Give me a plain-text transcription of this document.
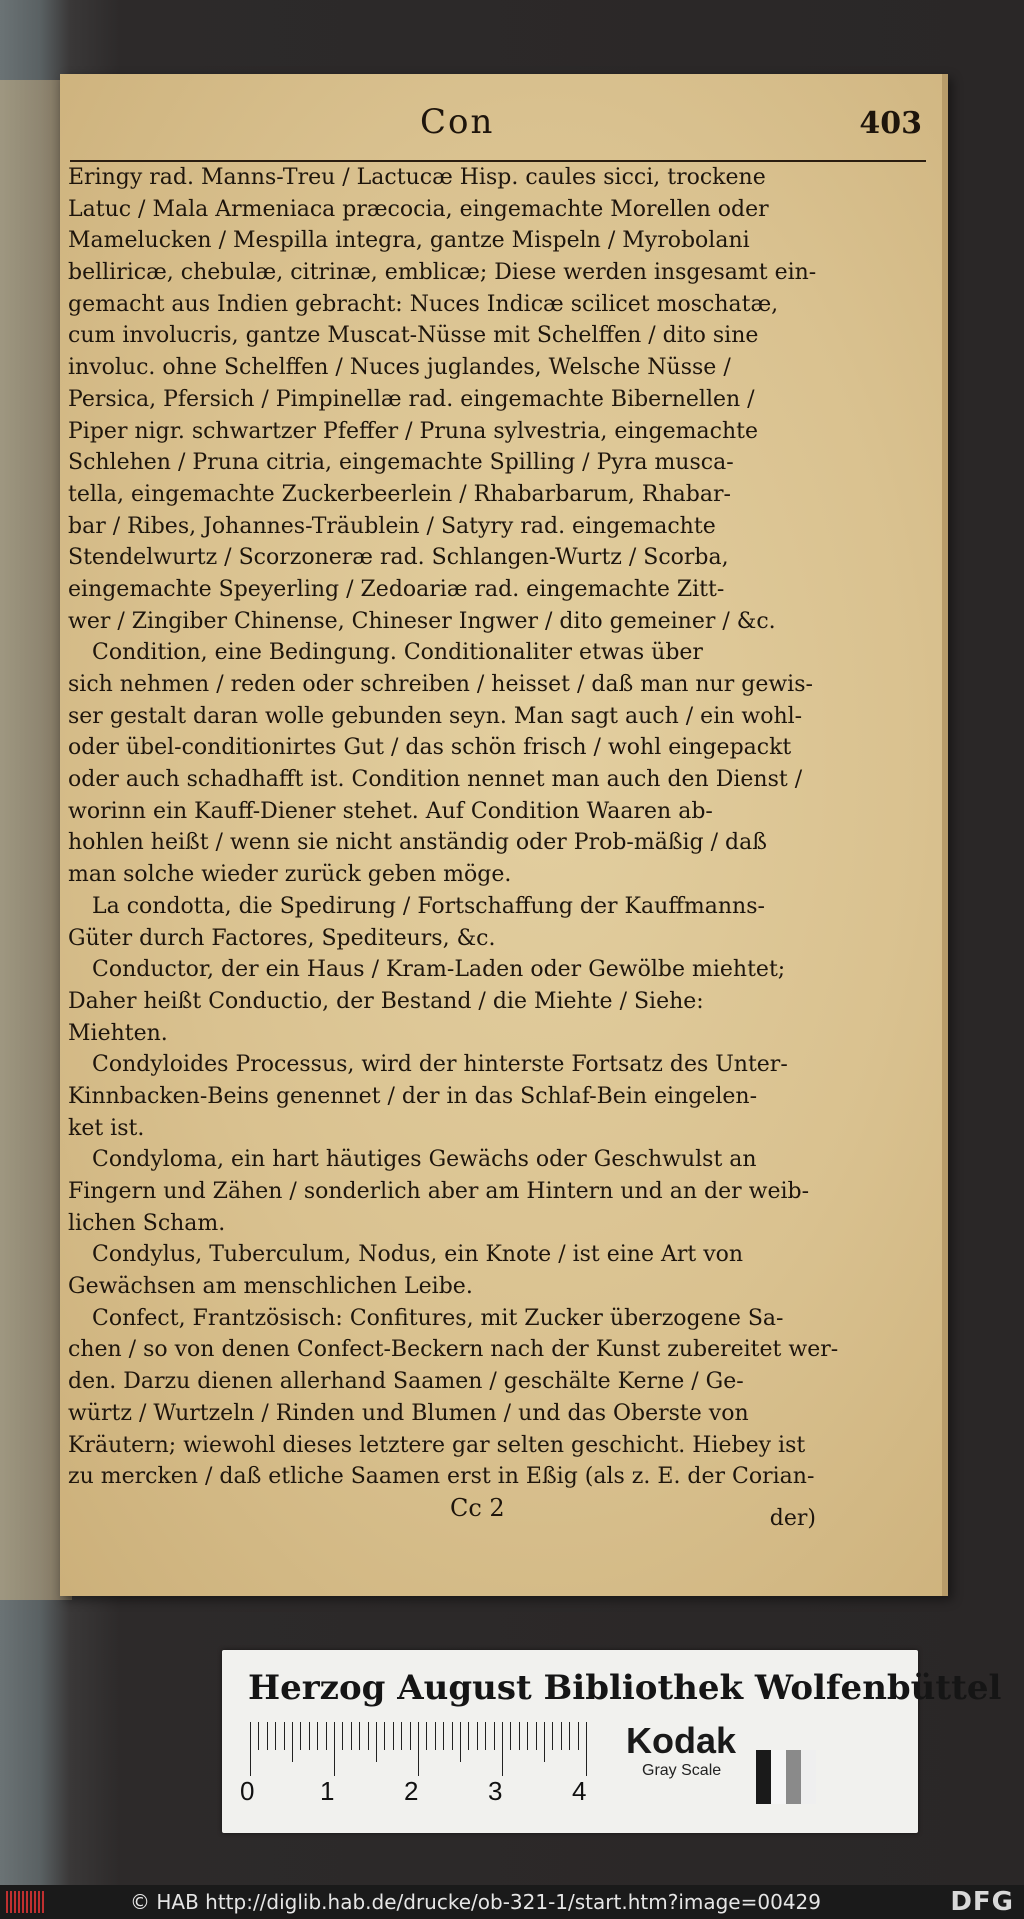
Con	403
Eringy rad. Manns-Treu / Lactucæ Hisp. caules sicci, trockene
Latuc / Mala Armeniaca præcocia, eingemachte Morellen oder
Mamelucken / Mespilla integra, gantze Mispeln / Myrobolani
belliricæ, chebulæ, citrinæ, emblicæ; Diese werden insgesamt ein-
gemacht aus Indien gebracht: Nuces Indicæ scilicet moschatæ,
cum involucris, gantze Muscat-Nüsse mit Schelffen / dito sine
involuc. ohne Schelffen / Nuces juglandes, Welsche Nüsse /
Persica, Pfersich / Pimpinellæ rad. eingemachte Bibernellen /
Piper nigr. schwartzer Pfeffer / Pruna sylvestria, eingemachte
Schlehen / Pruna citria, eingemachte Spilling / Pyra musca-
tella, eingemachte Zuckerbeerlein / Rhabarbarum, Rhabar-
bar / Ribes, Johannes-Träublein / Satyry rad. eingemachte
Stendelwurtz / Scorzoneræ rad. Schlangen-Wurtz / Scorba,
eingemachte Speyerling / Zedoariæ rad. eingemachte Zitt-
wer / Zingiber Chinense, Chineser Ingwer / dito gemeiner / &c.
Condition, eine Bedingung. Conditionaliter etwas über
sich nehmen / reden oder schreiben / heisset / daß man nur gewis-
ser gestalt daran wolle gebunden seyn. Man sagt auch / ein wohl-
oder übel-conditionirtes Gut / das schön frisch / wohl eingepackt
oder auch schadhafft ist. Condition nennet man auch den Dienst /
worinn ein Kauff-Diener stehet. Auf Condition Waaren ab-
hohlen heißt / wenn sie nicht anständig oder Prob-mäßig / daß
man solche wieder zurück geben möge.
La condotta, die Spedirung / Fortschaffung der Kauffmanns-
Güter durch Factores, Spediteurs, &c.
Conductor, der ein Haus / Kram-Laden oder Gewölbe miehtet;
Daher heißt Conductio, der Bestand / die Miehte / Siehe:
Miehten.
Condyloides Processus, wird der hinterste Fortsatz des Unter-
Kinnbacken-Beins genennet / der in das Schlaf-Bein eingelen-
ket ist.
Condyloma, ein hart häutiges Gewächs oder Geschwulst an
Fingern und Zähen / sonderlich aber am Hintern und an der weib-
lichen Scham.
Condylus, Tuberculum, Nodus, ein Knote / ist eine Art von
Gewächsen am menschlichen Leibe.
Confect, Frantzösisch: Confitures, mit Zucker überzogene Sa-
chen / so von denen Confect-Beckern nach der Kunst zubereitet wer-
den. Darzu dienen allerhand Saamen / geschälte Kerne / Ge-
würtz / Wurtzeln / Rinden und Blumen / und das Oberste von
Kräutern; wiewohl dieses letztere gar selten geschicht. Hiebey ist
zu mercken / daß etliche Saamen erst in Eßig (als z. E. der Corian-
Cc 2	der)
Herzog August Bibliothek Wolfenbüttel
0	1	2	3	4
Kodak
Gray Scale
© HAB http://diglib.hab.de/drucke/ob-321-1/start.htm?image=00429	DFG
